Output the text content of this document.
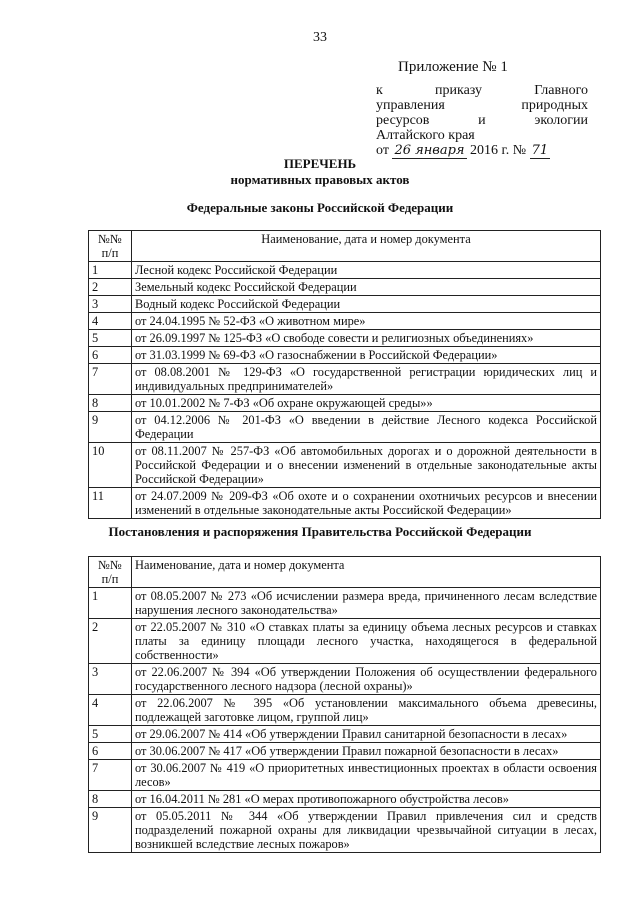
33
Приложение № 1
к приказу Главного
управления природных
ресурсов и экологии
Алтайского края
от 26 января 2016 г. № 71
ПЕРЕЧЕНЬ
нормативных правовых актов
Федеральные законы Российской Федерации
№№ п/п	Наименование, дата и номер документа
1	Лесной кодекс Российской Федерации
2	Земельный кодекс Российской Федерации
3	Водный кодекс Российской Федерации
4	от 24.04.1995 № 52-ФЗ «О животном мире»
5	от 26.09.1997 № 125-ФЗ «О свободе совести и религиозных объединениях»
6	от 31.03.1999 № 69-ФЗ «О газоснабжении в Российской Федерации»
7	от 08.08.2001 № 129-ФЗ «О государственной регистрации юридических лиц и индивидуальных предпринимателей»
8	от 10.01.2002 № 7-ФЗ «Об охране окружающей среды»»
9	от 04.12.2006 № 201-ФЗ «О введении в действие Лесного кодекса Российской Федерации
10	от 08.11.2007 № 257-ФЗ «Об автомобильных дорогах и о дорожной деятельности в Российской Федерации и о внесении изменений в отдельные законодательные акты Российской Федерации»
11	от 24.07.2009 № 209-ФЗ «Об охоте и о сохранении охотничьих ресурсов и внесении изменений в отдельные законодательные акты Российской Федерации»
Постановления и распоряжения Правительства Российской Федерации
№№ п/п	Наименование, дата и номер документа
1	от 08.05.2007 № 273 «Об исчислении размера вреда, причиненного лесам вследствие нарушения лесного законодательства»
2	от 22.05.2007 № 310 «О ставках платы за единицу объема лесных ресурсов и ставках платы за единицу площади лесного участка, находящегося в федеральной собственности»
3	от 22.06.2007 № 394 «Об утверждении Положения об осуществлении федерального государственного лесного надзора (лесной охраны)»
4	от 22.06.2007 № 395 «Об установлении максимального объема древесины, подлежащей заготовке лицом, группой лиц»
5	от 29.06.2007 № 414 «Об утверждении Правил санитарной безопасности в лесах»
6	от 30.06.2007 № 417 «Об утверждении Правил пожарной безопасности в лесах»
7	от 30.06.2007 № 419 «О приоритетных инвестиционных проектах в области освоения лесов»
8	от 16.04.2011 № 281 «О мерах противопожарного обустройства лесов»
9	от 05.05.2011 № 344 «Об утверждении Правил привлечения сил и средств подразделений пожарной охраны для ликвидации чрезвычайной ситуации в лесах, возникшей вследствие лесных пожаров»
